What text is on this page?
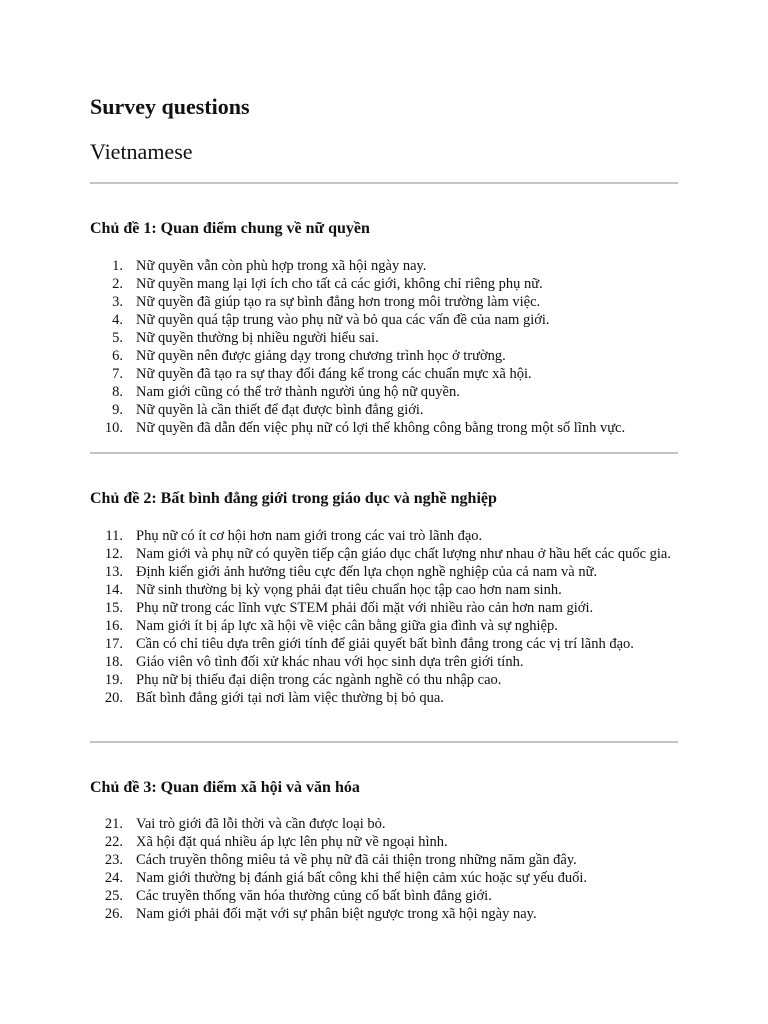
Survey questions
Vietnamese
Chủ đề 1: Quan điểm chung về nữ quyền
1. Nữ quyền vẫn còn phù hợp trong xã hội ngày nay.
2. Nữ quyền mang lại lợi ích cho tất cả các giới, không chỉ riêng phụ nữ.
3. Nữ quyền đã giúp tạo ra sự bình đẳng hơn trong môi trường làm việc.
4. Nữ quyền quá tập trung vào phụ nữ và bỏ qua các vấn đề của nam giới.
5. Nữ quyền thường bị nhiều người hiểu sai.
6. Nữ quyền nên được giảng dạy trong chương trình học ở trường.
7. Nữ quyền đã tạo ra sự thay đổi đáng kể trong các chuẩn mực xã hội.
8. Nam giới cũng có thể trở thành người ủng hộ nữ quyền.
9. Nữ quyền là cần thiết để đạt được bình đẳng giới.
10. Nữ quyền đã dẫn đến việc phụ nữ có lợi thế không công bằng trong một số lĩnh vực.
Chủ đề 2: Bất bình đẳng giới trong giáo dục và nghề nghiệp
11. Phụ nữ có ít cơ hội hơn nam giới trong các vai trò lãnh đạo.
12. Nam giới và phụ nữ có quyền tiếp cận giáo dục chất lượng như nhau ở hầu hết các quốc gia.
13. Định kiến giới ảnh hưởng tiêu cực đến lựa chọn nghề nghiệp của cả nam và nữ.
14. Nữ sinh thường bị kỳ vọng phải đạt tiêu chuẩn học tập cao hơn nam sinh.
15. Phụ nữ trong các lĩnh vực STEM phải đối mặt với nhiều rào cản hơn nam giới.
16. Nam giới ít bị áp lực xã hội về việc cân bằng giữa gia đình và sự nghiệp.
17. Cần có chỉ tiêu dựa trên giới tính để giải quyết bất bình đẳng trong các vị trí lãnh đạo.
18. Giáo viên vô tình đối xử khác nhau với học sinh dựa trên giới tính.
19. Phụ nữ bị thiếu đại diện trong các ngành nghề có thu nhập cao.
20. Bất bình đẳng giới tại nơi làm việc thường bị bỏ qua.
Chủ đề 3: Quan điểm xã hội và văn hóa
21. Vai trò giới đã lỗi thời và cần được loại bỏ.
22. Xã hội đặt quá nhiều áp lực lên phụ nữ về ngoại hình.
23. Cách truyền thông miêu tả về phụ nữ đã cải thiện trong những năm gần đây.
24. Nam giới thường bị đánh giá bất công khi thể hiện cảm xúc hoặc sự yếu đuối.
25. Các truyền thống văn hóa thường củng cố bất bình đẳng giới.
26. Nam giới phải đối mặt với sự phân biệt ngược trong xã hội ngày nay.
